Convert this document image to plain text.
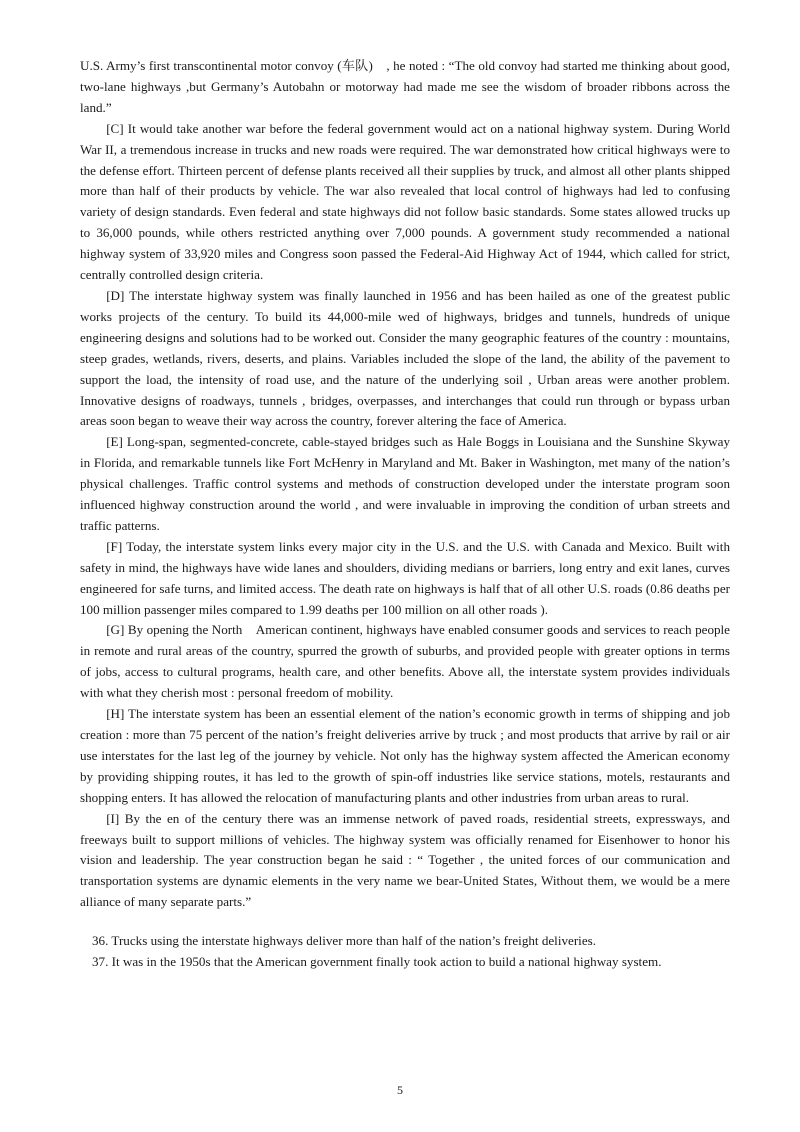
U.S. Army’s first transcontinental motor convoy (车队)　, he noted : “The old convoy had started me thinking about good, two-lane highways ,but Germany’s Autobahn or motorway had made me see the wisdom of broader ribbons across the land.”

[C] It would take another war before the federal government would act on a national highway system. During World War II, a tremendous increase in trucks and new roads were required. The war demonstrated how critical highways were to the defense effort. Thirteen percent of defense plants received all their supplies by truck, and almost all other plants shipped more than half of their products by vehicle. The war also revealed that local control of highways had led to confusing variety of design standards. Even federal and state highways did not follow basic standards. Some states allowed trucks up to 36,000 pounds, while others restricted anything over 7,000 pounds. A government study recommended a national highway system of 33,920 miles and Congress soon passed the Federal-Aid Highway Act of 1944, which called for strict, centrally controlled design criteria.

[D] The interstate highway system was finally launched in 1956 and has been hailed as one of the greatest public works projects of the century. To build its 44,000-mile wed of highways, bridges and tunnels, hundreds of unique engineering designs and solutions had to be worked out. Consider the many geographic features of the country : mountains, steep grades, wetlands, rivers, deserts, and plains. Variables included the slope of the land, the ability of the pavement to support the load, the intensity of road use, and the nature of the underlying soil , Urban areas were another problem. Innovative designs of roadways, tunnels , bridges, overpasses, and interchanges that could run through or bypass urban areas soon began to weave their way across the country, forever altering the face of America.

[E] Long-span, segmented-concrete, cable-stayed bridges such as Hale Boggs in Louisiana and the Sunshine Skyway in Florida, and remarkable tunnels like Fort McHenry in Maryland and Mt. Baker in Washington, met many of the nation’s physical challenges. Traffic control systems and methods of construction developed under the interstate program soon influenced highway construction around the world , and were invaluable in improving the condition of urban streets and traffic patterns.

[F] Today, the interstate system links every major city in the U.S. and the U.S. with Canada and Mexico. Built with safety in mind, the highways have wide lanes and shoulders, dividing medians or barriers, long entry and exit lanes, curves engineered for safe turns, and limited access. The death rate on highways is half that of all other U.S. roads (0.86 deaths per 100 million passenger miles compared to 1.99 deaths per 100 million on all other roads ).

[G] By opening the North　American continent, highways have enabled consumer goods and services to reach people in remote and rural areas of the country, spurred the growth of suburbs, and provided people with greater options in terms of jobs, access to cultural programs, health care, and other benefits. Above all, the interstate system provides individuals with what they cherish most : personal freedom of mobility.

[H] The interstate system has been an essential element of the nation’s economic growth in terms of shipping and job creation : more than 75 percent of the nation’s freight deliveries arrive by truck ; and most products that arrive by rail or air use interstates for the last leg of the journey by vehicle. Not only has the highway system affected the American economy by providing shipping routes, it has led to the growth of spin-off industries like service stations, motels, restaurants and shopping enters. It has allowed the relocation of manufacturing plants and other industries from urban areas to rural.

[I] By the en of the century there was an immense network of paved roads, residential streets, expressways, and freeways built to support millions of vehicles. The highway system was officially renamed for Eisenhower to honor his vision and leadership. The year construction began he said : “ Together , the united forces of our communication and transportation systems are dynamic elements in the very name we bear-United States, Without them, we would be a mere alliance of many separate parts.”

36. Trucks using the interstate highways deliver more than half of the nation’s freight deliveries.

37. It was in the 1950s that the American government finally took action to build a national highway system.

5
